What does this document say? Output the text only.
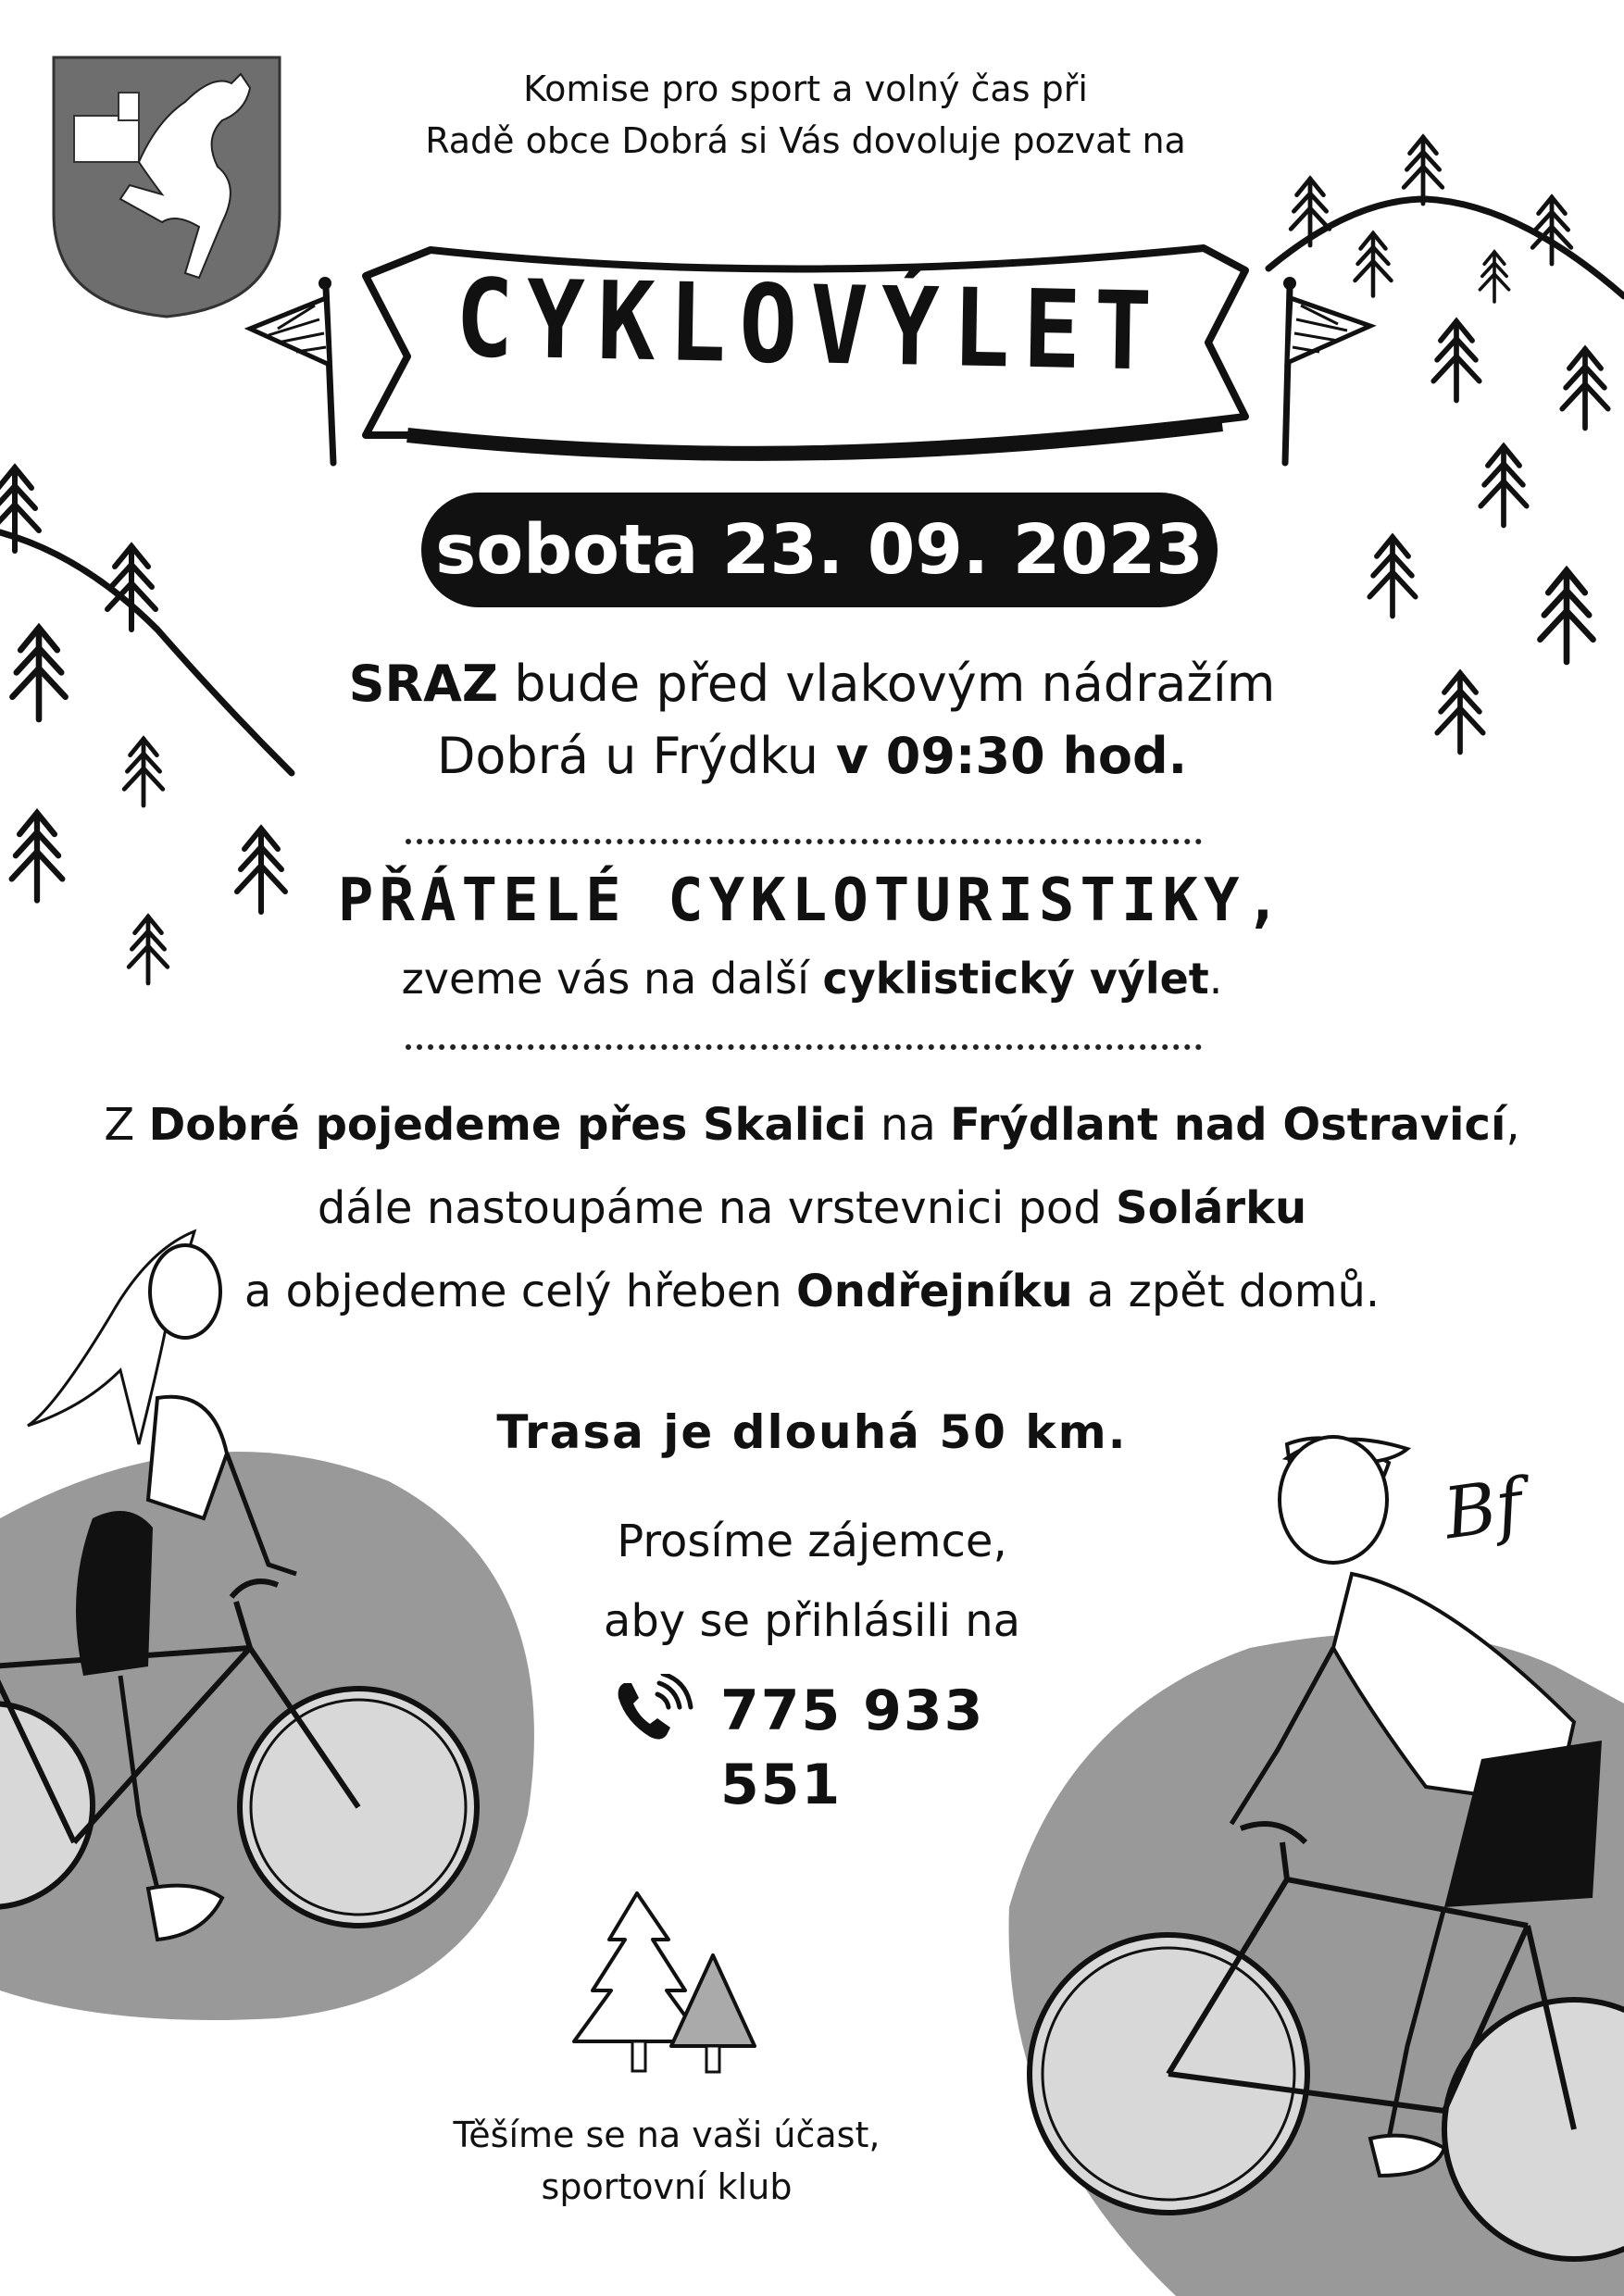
Komise pro sport a volný čas při
Radě obce Dobrá si Vás dovoluje pozvat na
CYKLOVÝLET
sobota 23. 09. 2023
SRAZ bude před vlakovým nádražím
Dobrá u Frýdku v 09:30 hod.
PŘÁTELÉ CYKLOTURISTIKY,
zveme vás na další cyklistický výlet.
Z Dobré pojedeme přes Skalici na Frýdlant nad Ostravicí,
dále nastoupáme na vrstevnici pod Solárku
a objedeme celý hřeben Ondřejníku a zpět domů.
Trasa je dlouhá 50 km.
Prosíme zájemce,
aby se přihlásili na
775 933 551
Bf
Těšíme se na vaši účast,
sportovní klub
